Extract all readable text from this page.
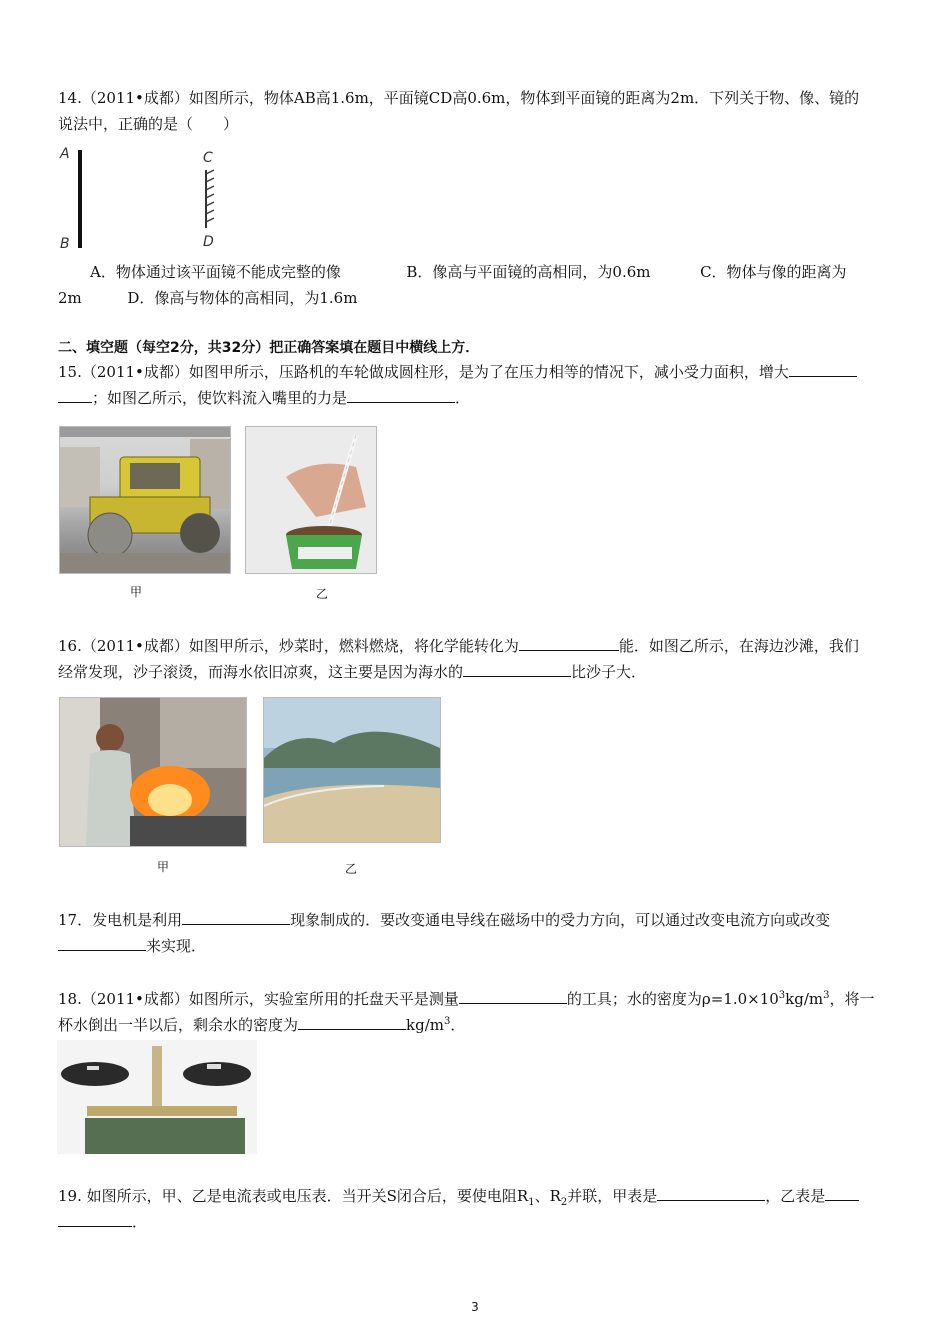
14.（2011•成都）如图所示，物体AB高1.6m，平面镜CD高0.6m，物体到平面镜的距离为2m．下列关于物、像、镜的
说法中，正确的是（　　）
A
B
C
D
A．物体通过该平面镜不能成完整的像	B．像高与平面镜的高相同，为0.6m	C．物体与像的距离为
2m	D．像高与物体的高相同，为1.6m
二、填空题（每空2分，共32分）把正确答案填在题目中横线上方．
15.（2011•成都）如图甲所示，压路机的车轮做成圆柱形，是为了在压力相等的情况下，减小受力面积，增大
；如图乙所示，使饮料流入嘴里的力是	．
甲	乙
16.（2011•成都）如图甲所示，炒菜时，燃料燃烧，将化学能转化为	能．如图乙所示，在海边沙滩，我们
经常发现，沙子滚烫，而海水依旧凉爽，这主要是因为海水的	比沙子大．
甲	乙
17．发电机是利用	现象制成的．要改变通电导线在磁场中的受力方向，可以通过改变电流方向或改变
来实现．
18.（2011•成都）如图所示，实验室所用的托盘天平是测量	的工具；水的密度为$\rho=1.0\times 10^3kg/m^3$，将一
杯水倒出一半以后，剩余水的密度为	$kg/m^3$．
19. 如图所示，甲、乙是电流表或电压表．当开关S闭合后，要使电阻$R_1$、$R_2$并联，甲表是	，乙表是
．
3
